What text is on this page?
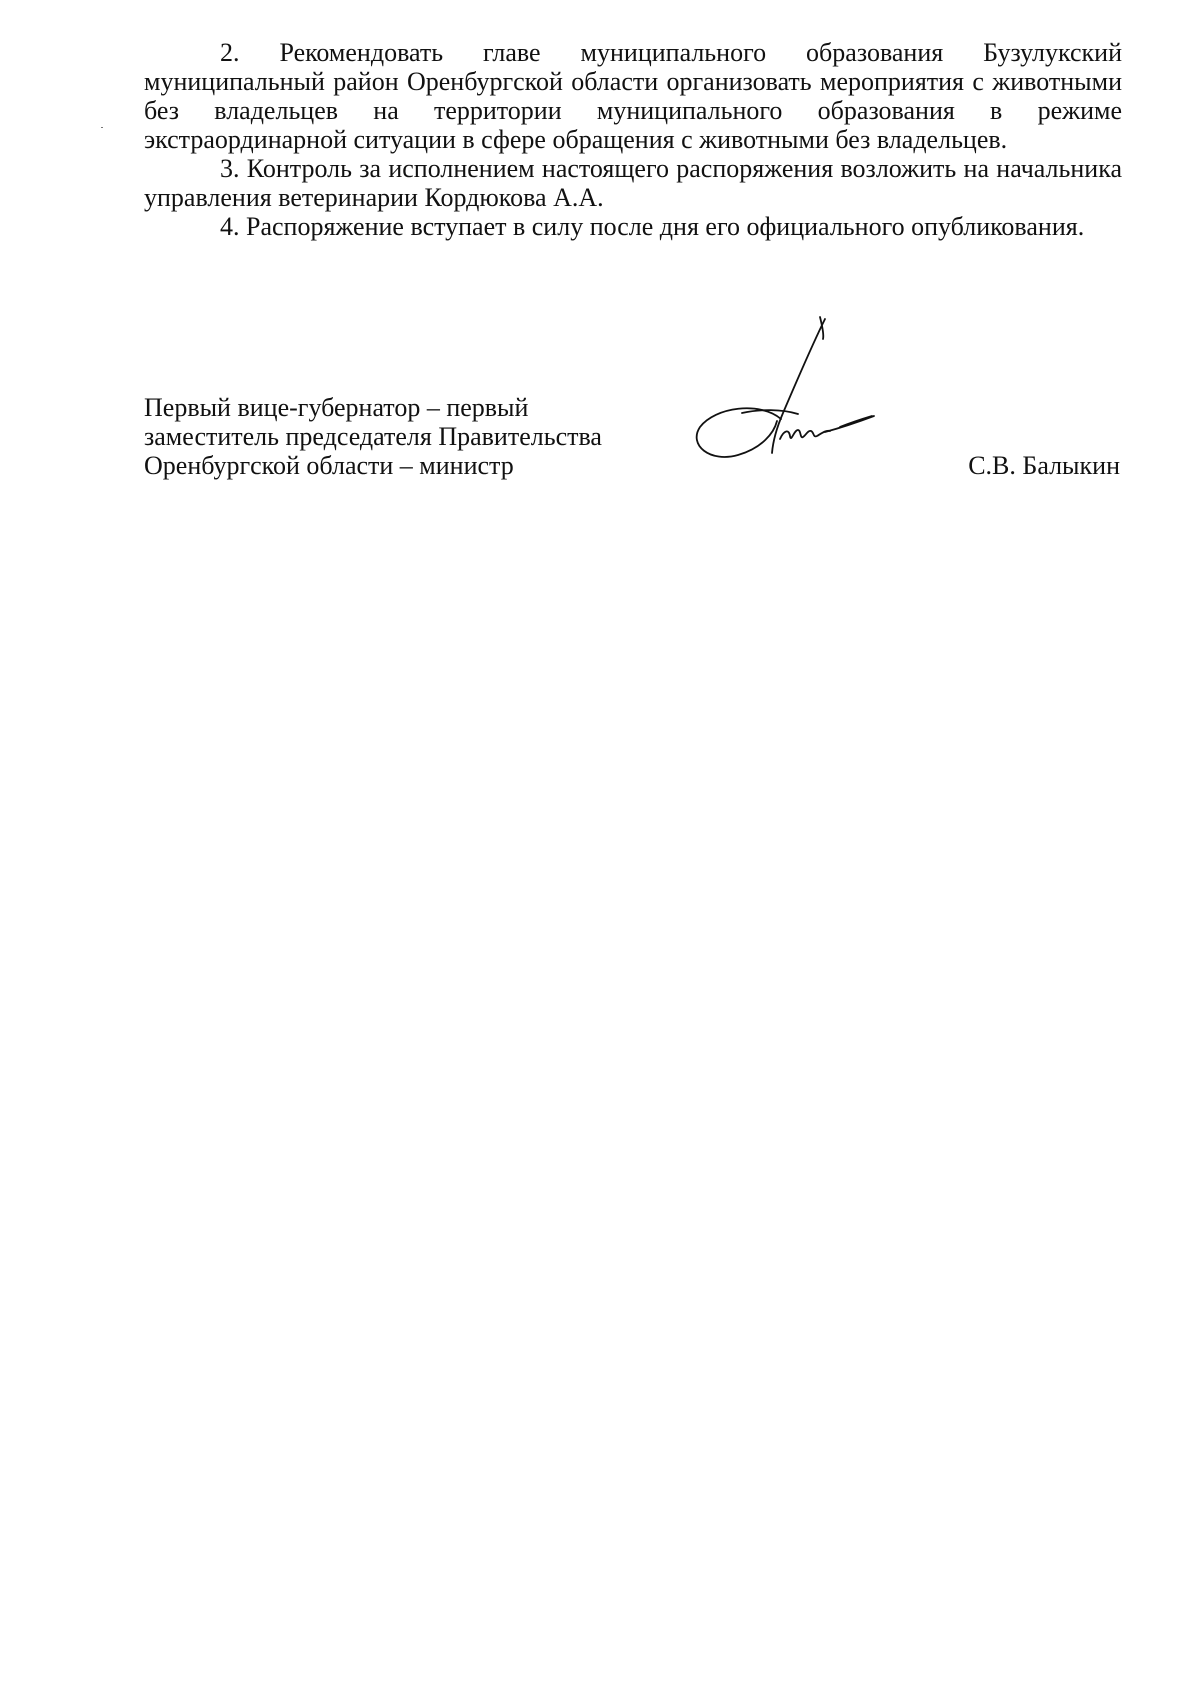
2. Рекомендовать главе муниципального образования Бузулукский муниципальный район Оренбургской области организовать мероприятия с животными без владельцев на территории муниципального образования в режиме экстраординарной ситуации в сфере обращения с животными без владельцев.

3. Контроль за исполнением настоящего распоряжения возложить на начальника управления ветеринарии Кордюкова А.А.

4. Распоряжение вступает в силу после дня его официального опубликования.

Первый вице-губернатор – первый
заместитель председателя Правительства
Оренбургской области – министр	С.В. Балыкин
